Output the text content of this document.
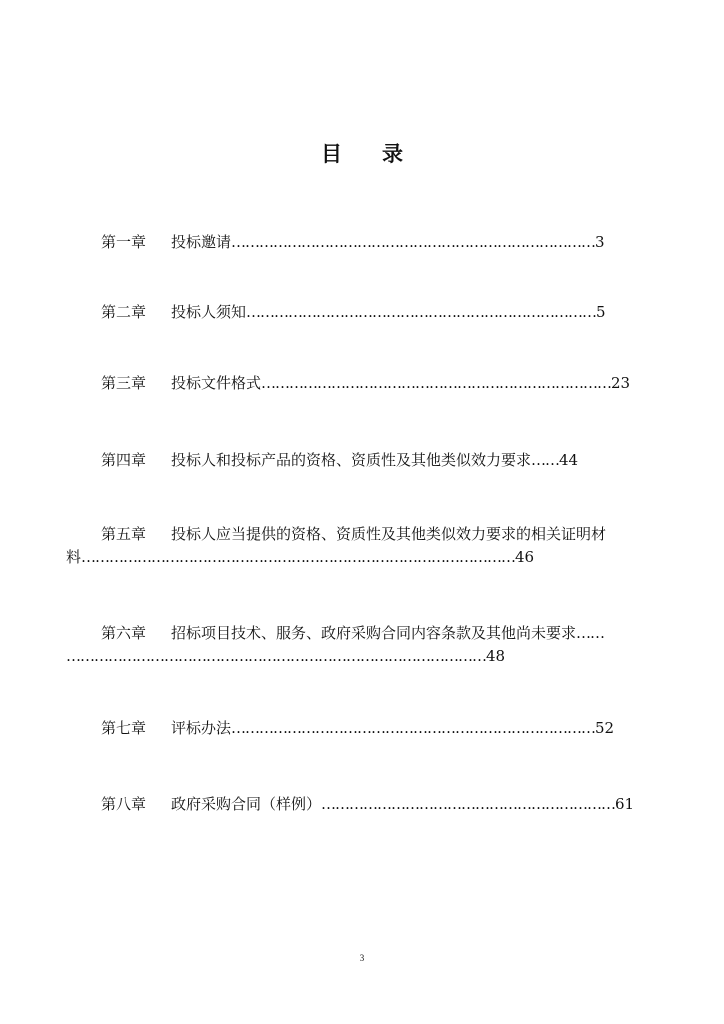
目 录
第一章 投标邀请……………………………………………………………………3
第二章 投标人须知…………………………………………………………………5
第三章 投标文件格式…………………………………………………………………23
第四章 投标人和投标产品的资格、资质性及其他类似效力要求……44
第五章 投标人应当提供的资格、资质性及其他类似效力要求的相关证明材
料…………………………………………………………………………………46
第六章 招标项目技术、服务、政府采购合同内容条款及其他尚未要求……
………………………………………………………………………………48
第七章 评标办法……………………………………………………………………52
第八章 政府采购合同（样例）………………………………………………………61
3
